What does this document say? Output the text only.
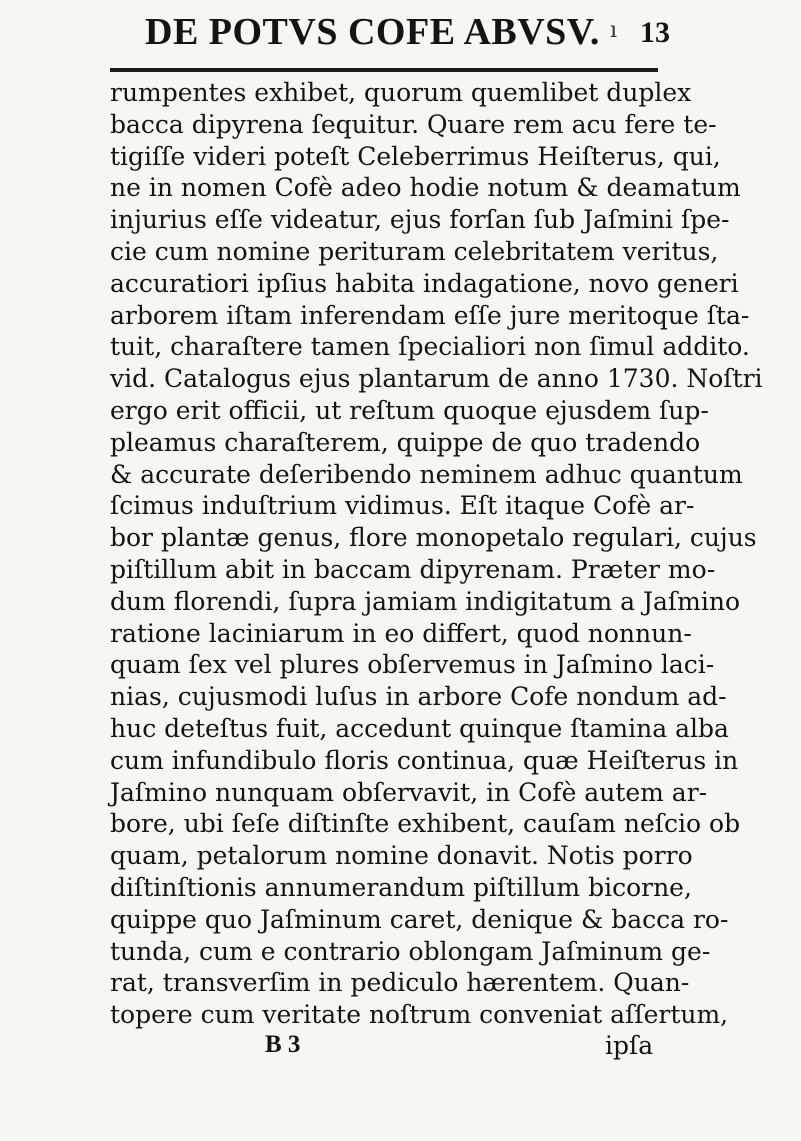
DE POTVS COFE ABVSV. ı 13
rumpentes exhibet, quorum quemlibet duplex
bacca dipyrena ſequitur. Quare rem acu fere te-
tigiſſe videri poteſt Celeberrimus Heiſterus, qui,
ne in nomen Cofè adeo hodie notum & deamatum
injurius eſſe videatur, ejus forſan ſub Jaſmini ſpe-
cie cum nomine perituram celebritatem veritus,
accuratiori ipſius habita indagatione, novo generi
arborem iſtam inferendam eſſe jure meritoque ſta-
tuit, charaſtere tamen ſpecialiori non ſimul addito.
vid. Catalogus ejus plantarum de anno 1730. Noſtri
ergo erit officii, ut reſtum quoque ejusdem ſup-
pleamus charaſterem, quippe de quo tradendo
& accurate deſeribendo neminem adhuc quantum
ſcimus induſtrium vidimus. Eſt itaque Cofè ar-
bor plantæ genus, flore monopetalo regulari, cujus
piſtillum abit in baccam dipyrenam. Præter mo-
dum florendi, ſupra jamiam indigitatum a Jaſmino
ratione laciniarum in eo differt, quod nonnun-
quam ſex vel plures obſervemus in Jaſmino laci-
nias, cujusmodi luſus in arbore Cofe nondum ad-
huc deteſtus fuit, accedunt quinque ſtamina alba
cum infundibulo floris continua, quæ Heiſterus in
Jaſmino nunquam obſervavit, in Cofè autem ar-
bore, ubi ſeſe diſtinſte exhibent, cauſam neſcio ob
quam, petalorum nomine donavit. Notis porro
diſtinſtionis annumerandum piſtillum bicorne,
quippe quo Jaſminum caret, denique & bacca ro-
tunda, cum e contrario oblongam Jaſminum ge-
rat, transverſim in pediculo hærentem. Quan-
topere cum veritate noſtrum conveniat aſſertum,
B 3	ipſa
